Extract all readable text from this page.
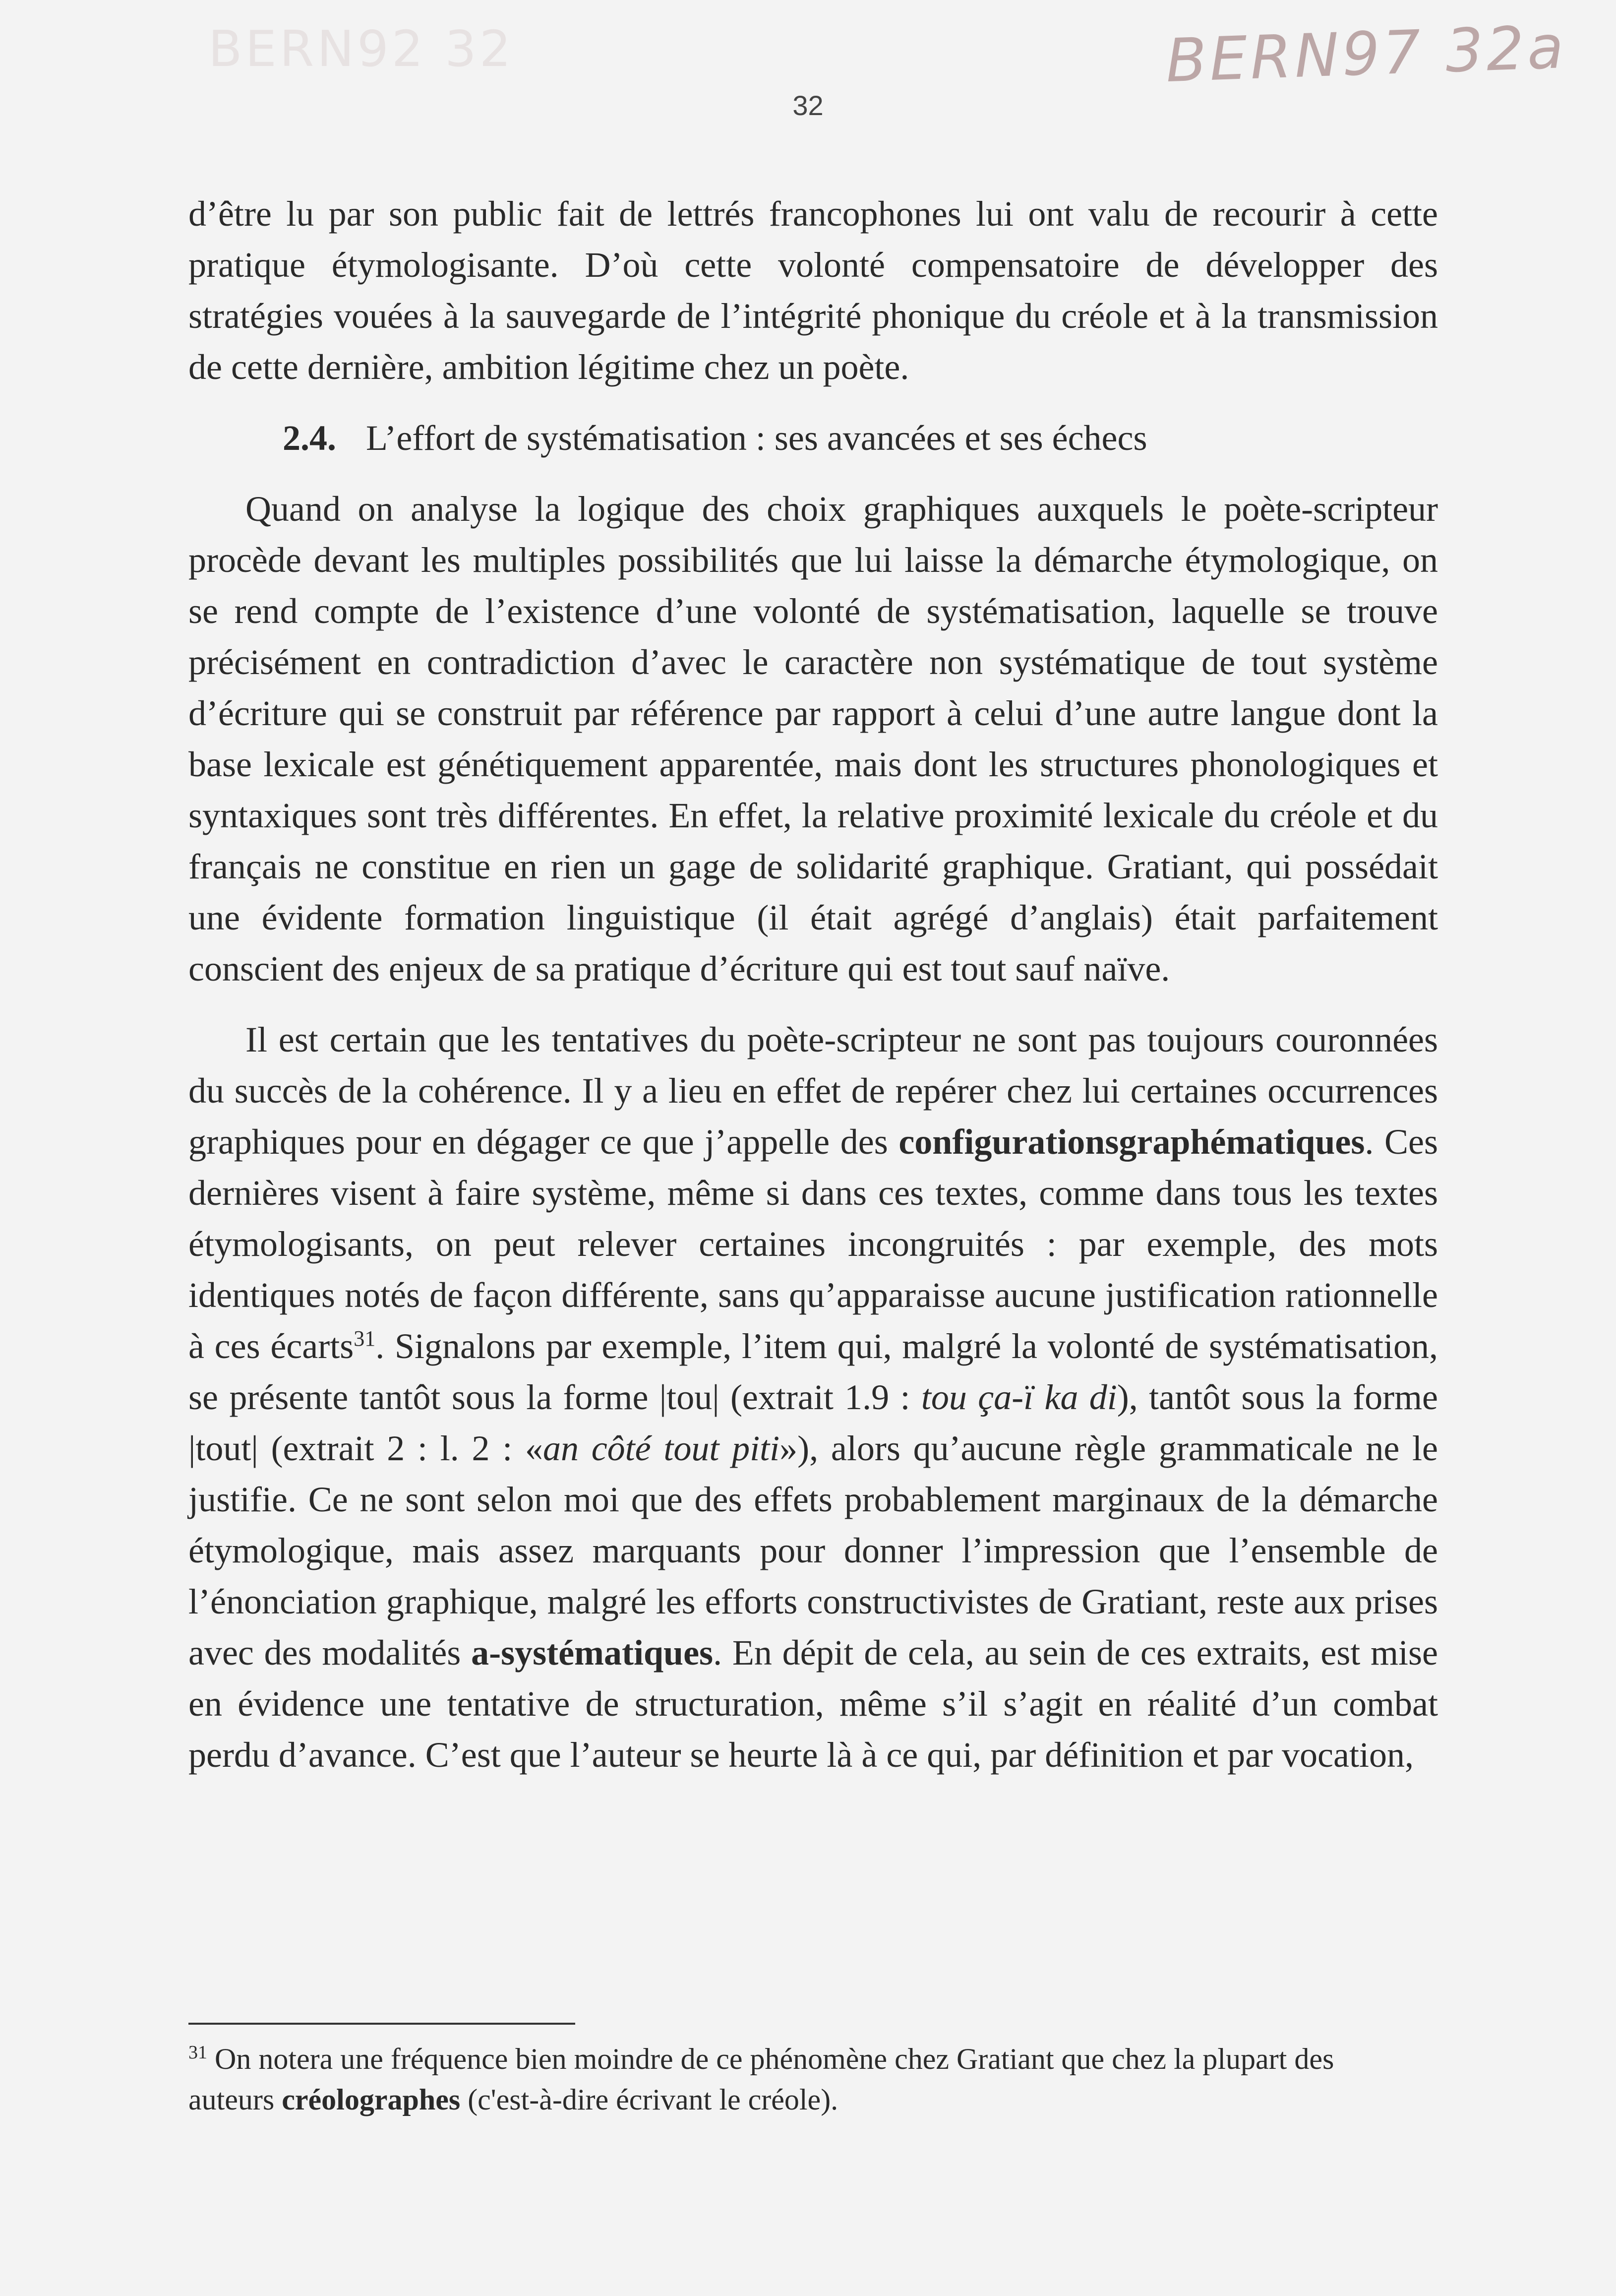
BERN92 32	BERN97 32a
32

d’être lu par son public fait de lettrés francophones lui ont valu de recourir à cette pratique étymologisante. D’où cette volonté compensatoire de développer des stratégies vouées à la sauvegarde de l’intégrité phonique du créole et à la transmission de cette dernière, ambition légitime chez un poète.

2.4. L’effort de systématisation : ses avancées et ses échecs

Quand on analyse la logique des choix graphiques auxquels le poète-scripteur procède devant les multiples possibilités que lui laisse la démarche étymologique, on se rend compte de l’existence d’une volonté de systématisation, laquelle se trouve précisément en contradiction d’avec le caractère non systématique de tout système d’écriture qui se construit par référence par rapport à celui d’une autre langue dont la base lexicale est génétiquement apparentée, mais dont les structures phonologiques et syntaxiques sont très différentes. En effet, la relative proximité lexicale du créole et du français ne constitue en rien un gage de solidarité graphique. Gratiant, qui possédait une évidente formation linguistique (il était agrégé d’anglais) était parfaitement conscient des enjeux de sa pratique d’écriture qui est tout sauf naïve.

Il est certain que les tentatives du poète-scripteur ne sont pas toujours couronnées du succès de la cohérence. Il y a lieu en effet de repérer chez lui certaines occurrences graphiques pour en dégager ce que j’appelle des configurationsgraphématiques. Ces dernières visent à faire système, même si dans ces textes, comme dans tous les textes étymologisants, on peut relever certaines incongruités : par exemple, des mots identiques notés de façon différente, sans qu’apparaisse aucune justification rationnelle à ces écarts$^{31}$. Signalons par exemple, l’item qui, malgré la volonté de systématisation, se présente tantôt sous la forme |tou| (extrait 1.9 : tou ça-ï ka di), tantôt sous la forme |tout| (extrait 2 : l. 2 : «an côté tout piti»), alors qu’aucune règle grammaticale ne le justifie. Ce ne sont selon moi que des effets probablement marginaux de la démarche étymologique, mais assez marquants pour donner l’impression que l’ensemble de l’énonciation graphique, malgré les efforts constructivistes de Gratiant, reste aux prises avec des modalités a-systématiques. En dépit de cela, au sein de ces extraits, est mise en évidence une tentative de structuration, même s’il s’agit en réalité d’un combat perdu d’avance. C’est que l’auteur se heurte là à ce qui, par définition et par vocation,

$^{31}$ On notera une fréquence bien moindre de ce phénomène chez Gratiant que chez la plupart des auteurs créolographes (c'est-à-dire écrivant le créole).
